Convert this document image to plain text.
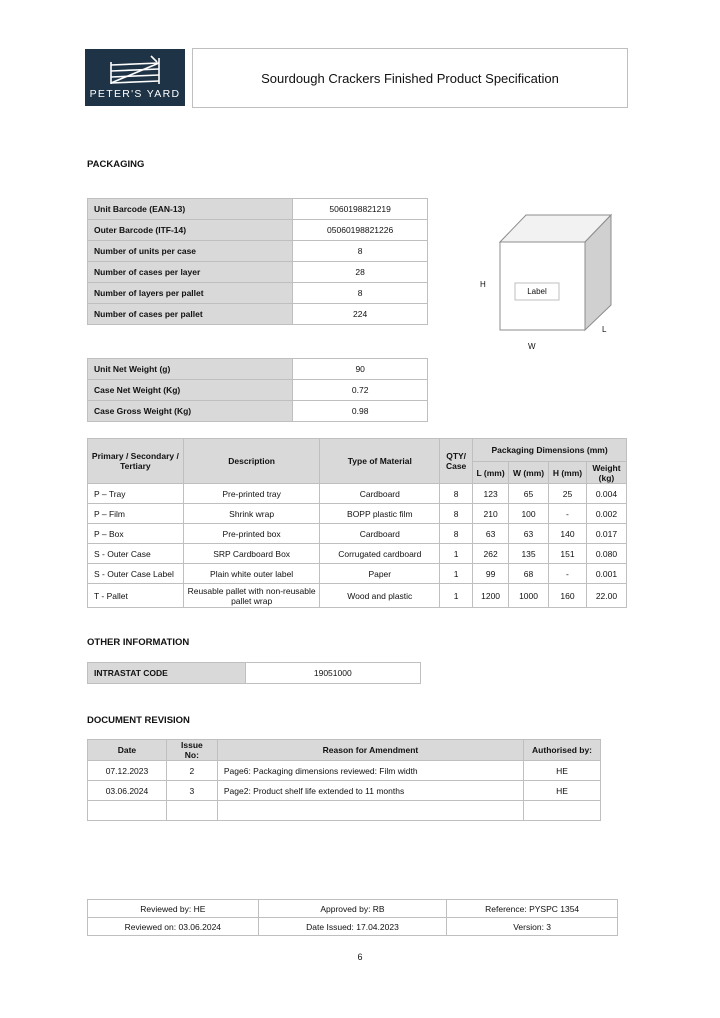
PETER'S YARD
Sourdough Crackers Finished Product Specification
PACKAGING
Unit Barcode (EAN-13)	5060198821219
Outer Barcode (ITF-14)	05060198821226
Number of units per case	8
Number of cases per layer	28
Number of layers per pallet	8
Number of cases per pallet	224
Label
H
W
L
Unit Net Weight (g)	90
Case Net Weight (Kg)	0.72
Case Gross Weight (Kg)	0.98
Primary / Secondary / Tertiary	Description	Type of Material	QTY/ Case	Packaging Dimensions (mm)			
				L (mm)	W (mm)	H (mm)	Weight (kg)
P – Tray	Pre-printed tray	Cardboard	8	123	65	25	0.004
P – Film	Shrink wrap	BOPP plastic film	8	210	100	-	0.002
P – Box	Pre-printed box	Cardboard	8	63	63	140	0.017
S - Outer Case	SRP Cardboard Box	Corrugated cardboard	1	262	135	151	0.080
S - Outer Case Label	Plain white outer label	Paper	1	99	68	-	0.001
T - Pallet	Reusable pallet with non-reusable pallet wrap	Wood and plastic	1	1200	1000	160	22.00
OTHER INFORMATION
INTRASTAT CODE	19051000
DOCUMENT REVISION
Date	Issue No:	Reason for Amendment	Authorised by:
07.12.2023	2	Page6: Packaging dimensions reviewed: Film width	HE
03.06.2024	3	Page2: Product shelf life extended to 11 months	HE

Reviewed by: HE	Approved by: RB	Reference: PYSPC 1354
Reviewed on: 03.06.2024	Date Issued: 17.04.2023	Version: 3
6
